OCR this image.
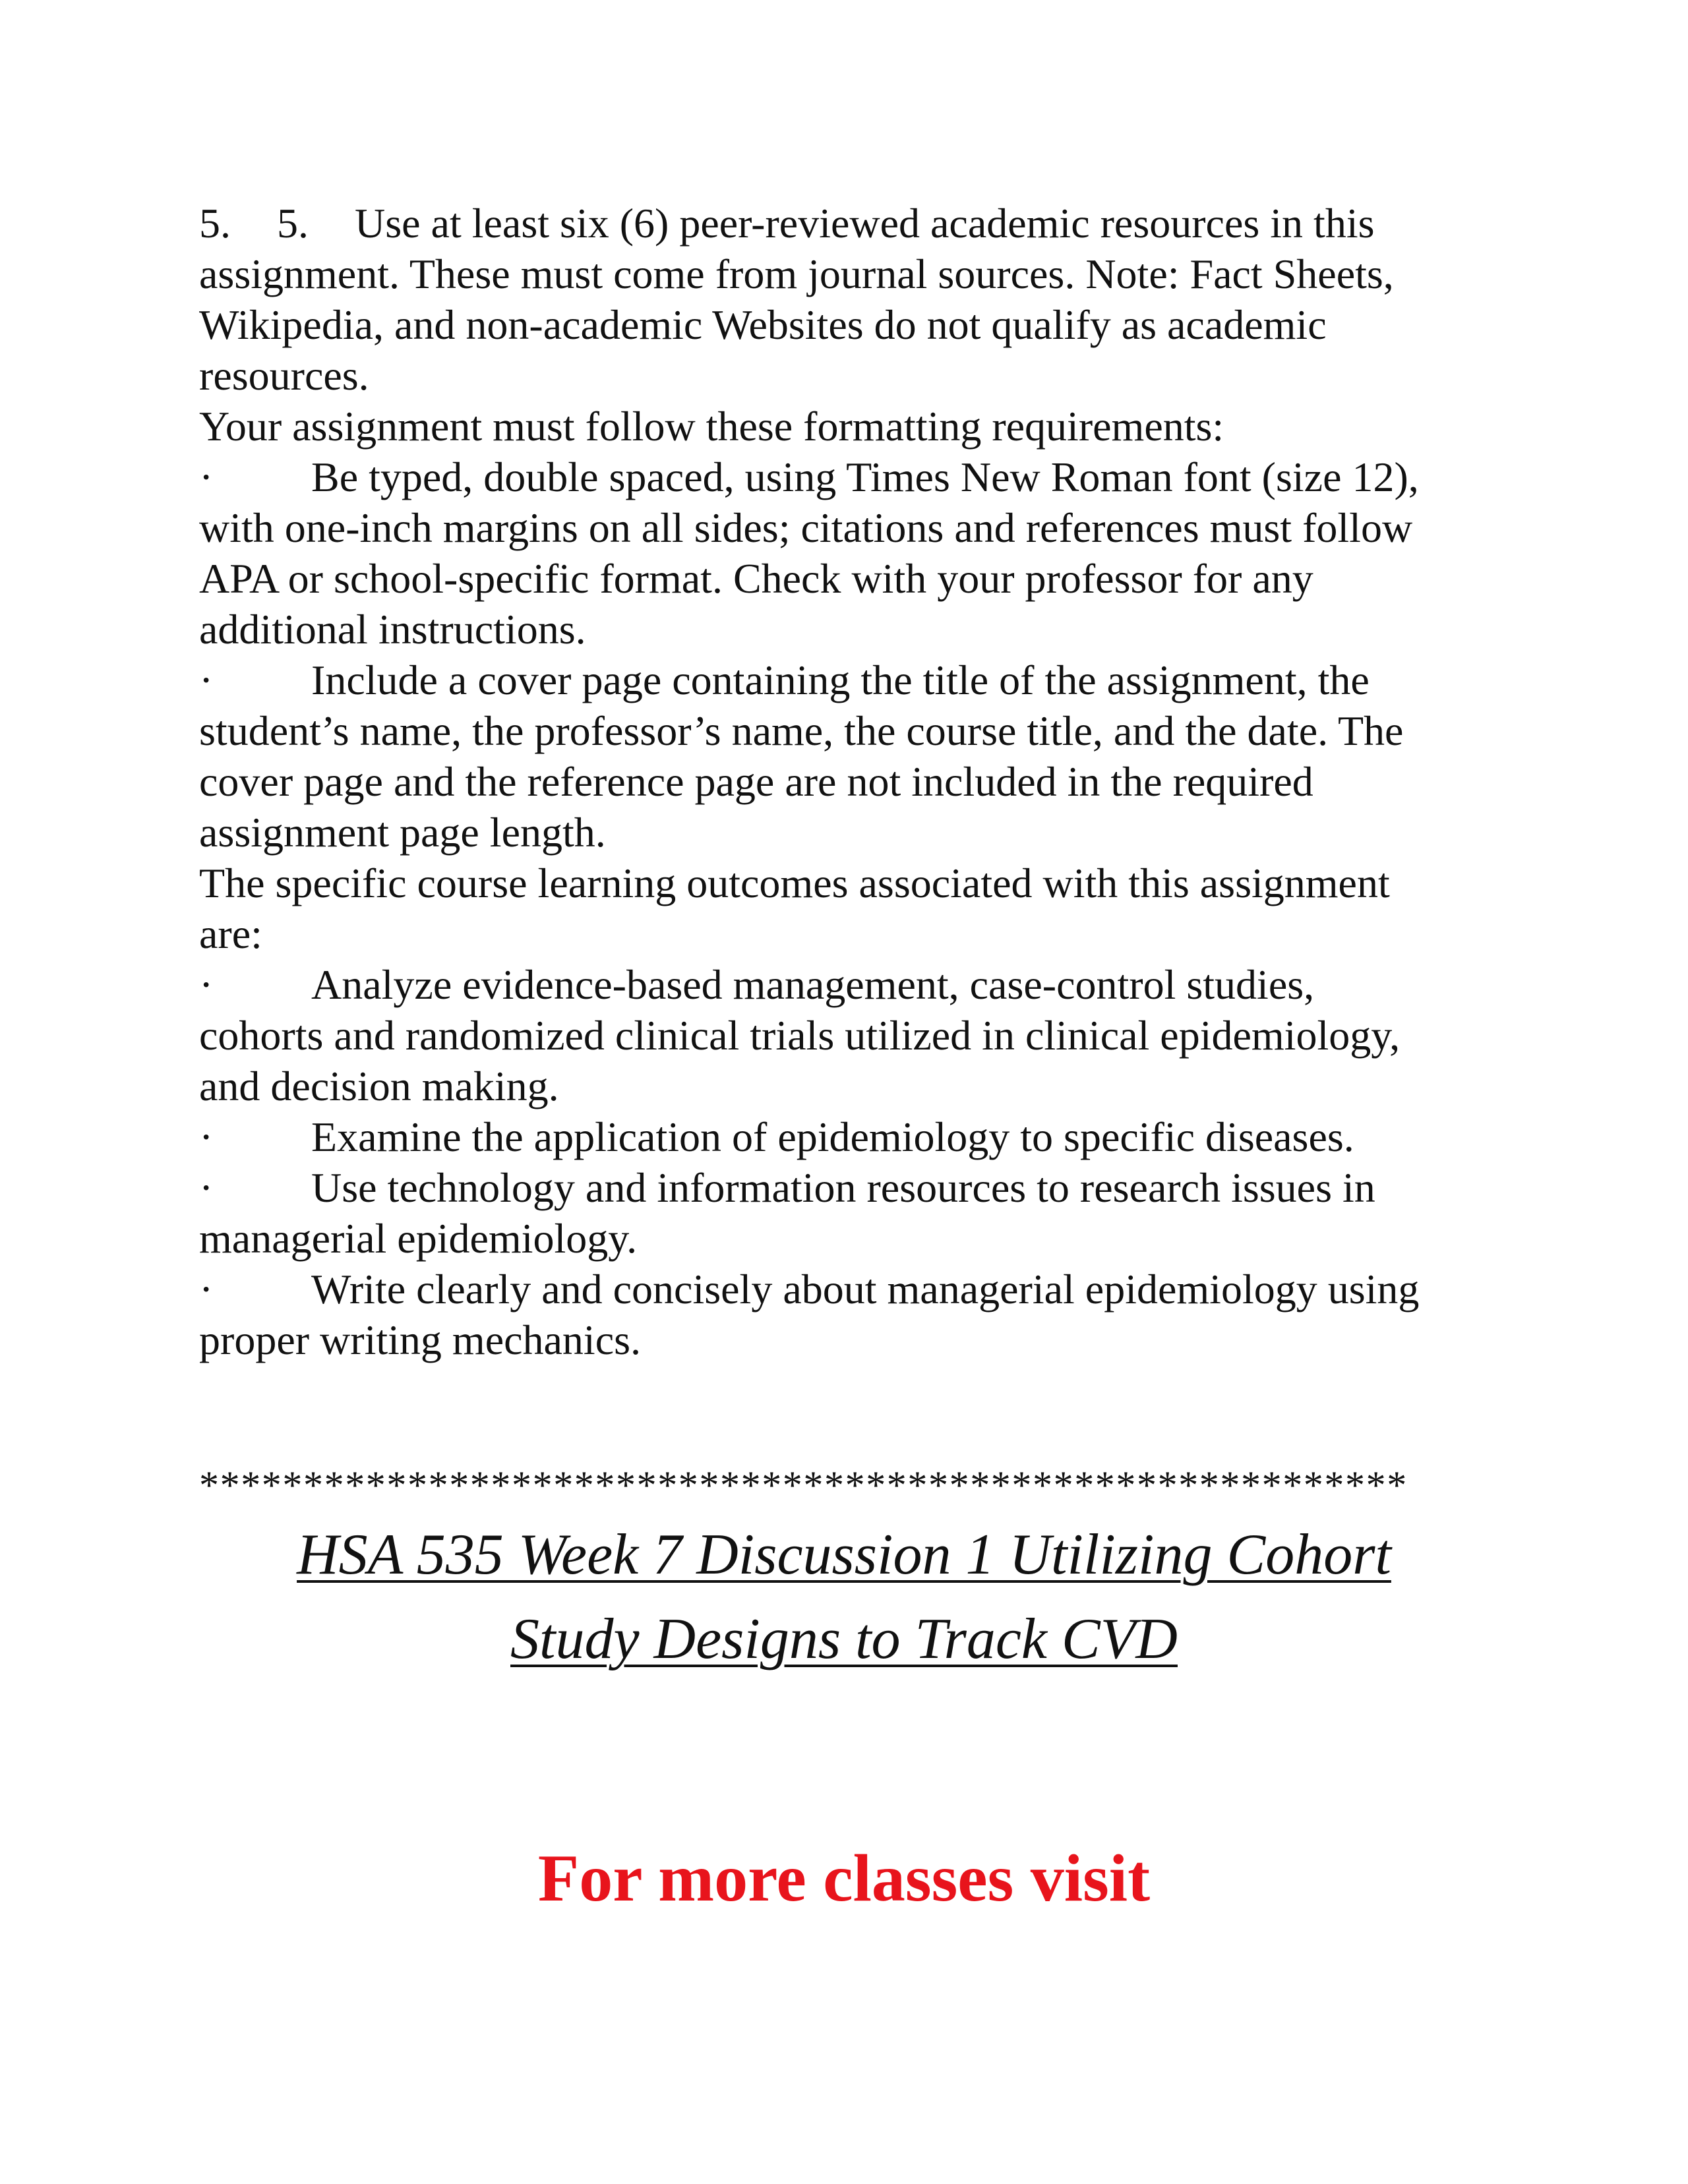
5. 5. Use at least six (6) peer-reviewed academic resources in this

assignment. These must come from journal sources. Note: Fact Sheets,

Wikipedia, and non-academic Websites do not qualify as academic

resources.

Your assignment must follow these formatting requirements:

· Be typed, double spaced, using Times New Roman font (size 12),

with one-inch margins on all sides; citations and references must follow

APA or school-specific format. Check with your professor for any

additional instructions.

· Include a cover page containing the title of the assignment, the

student’s name, the professor’s name, the course title, and the date. The

cover page and the reference page are not included in the required

assignment page length.

The specific course learning outcomes associated with this assignment

are:

· Analyze evidence-based management, case-control studies,

cohorts and randomized clinical trials utilized in clinical epidemiology,

and decision making.

· Examine the application of epidemiology to specific diseases.

· Use technology and information resources to research issues in

managerial epidemiology.

· Write clearly and concisely about managerial epidemiology using

proper writing mechanics.

**********************************************************
HSA 535 Week 7 Discussion 1 Utilizing Cohort
Study Designs to Track CVD
For more classes visit
